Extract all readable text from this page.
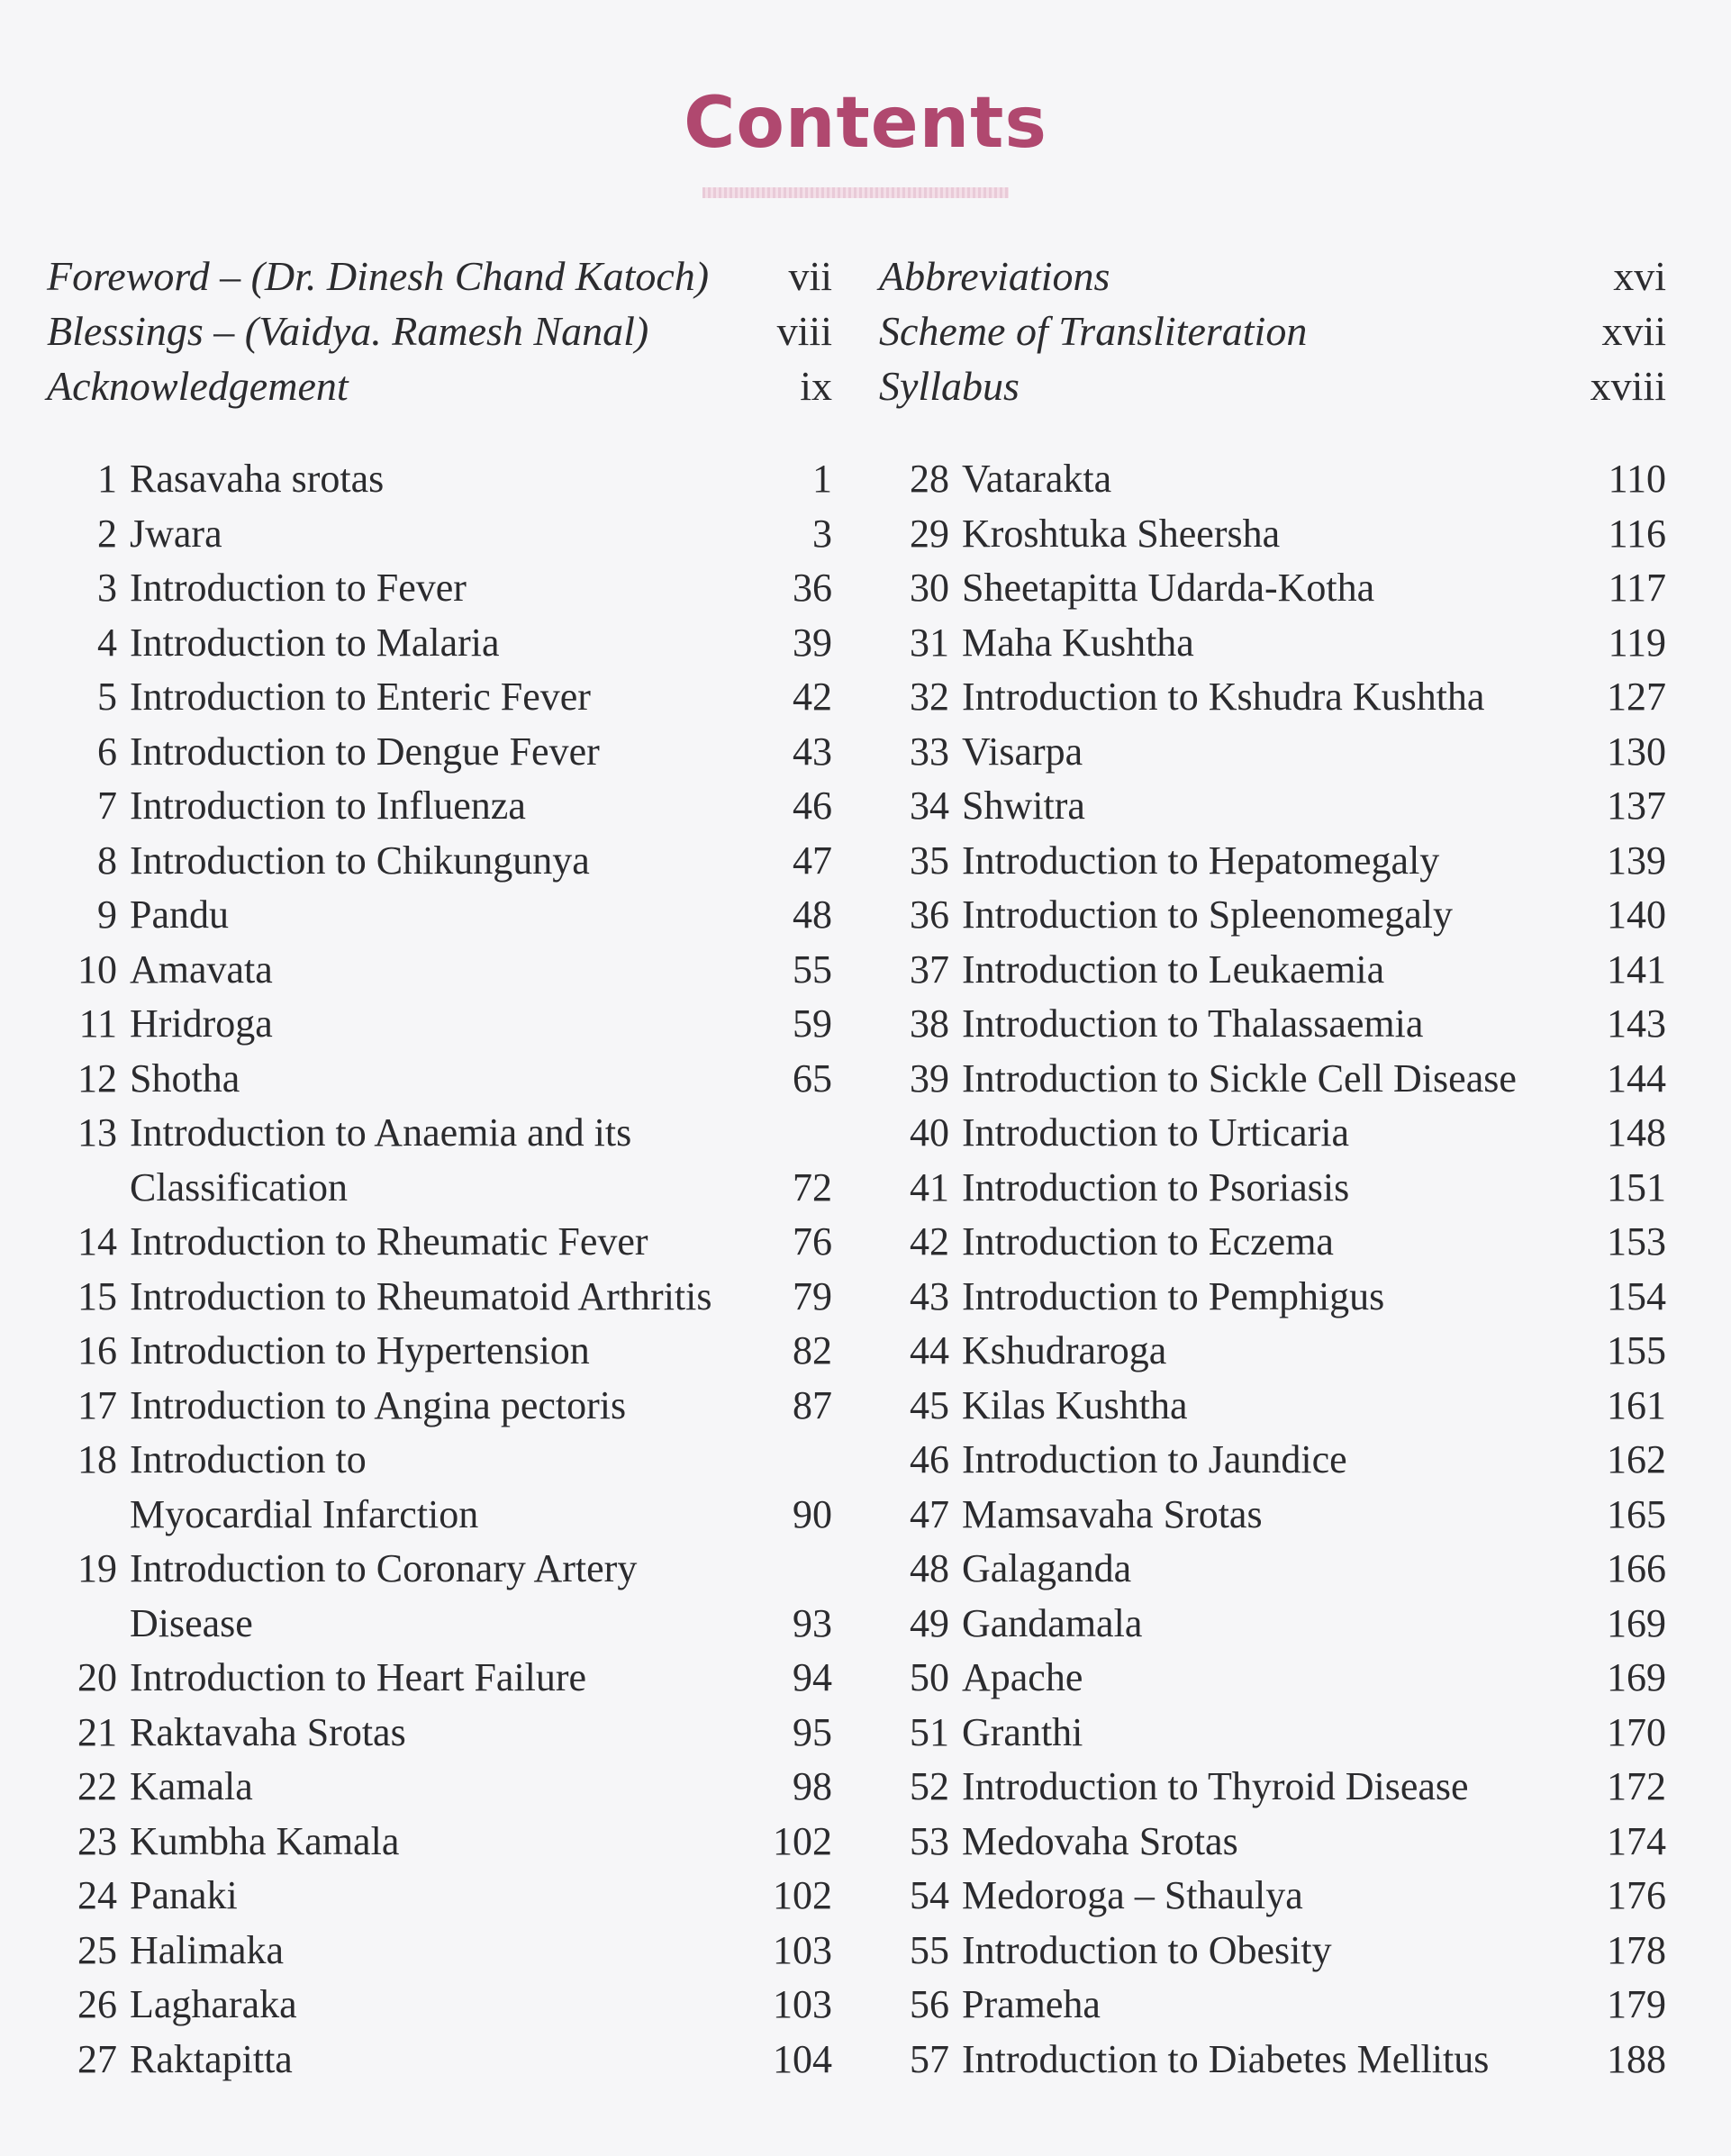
Contents
Foreword – (Dr. Dinesh Chand Katoch) vii
Blessings – (Vaidya. Ramesh Nanal)	viii
Acknowledgement	ix
1 Rasavaha srotas	1
2 Jwara	3
3 Introduction to Fever	36
4 Introduction to Malaria	39
5 Introduction to Enteric Fever	42
6 Introduction to Dengue Fever	43
7 Introduction to Influenza	46
8 Introduction to Chikungunya	47
9 Pandu	48
10 Amavata	55
11 Hridroga	59
12 Shotha	65
13 Introduction to Anaemia and its
Classification	72
14 Introduction to Rheumatic Fever	76
15 Introduction to Rheumatoid Arthritis	79
16 Introduction to Hypertension	82
17 Introduction to Angina pectoris	87
18 Introduction to
Myocardial Infarction	90
19 Introduction to Coronary Artery
Disease	93
20 Introduction to Heart Failure	94
21 Raktavaha Srotas	95
22 Kamala	98
23 Kumbha Kamala	102
24 Panaki	102
25 Halimaka	103
26 Lagharaka	103
27 Raktapitta	104
Abbreviations	xvi
Scheme of Transliteration	xvii
Syllabus	xviii
28 Vatarakta	110
29 Kroshtuka Sheersha	116
30 Sheetapitta Udarda-Kotha	117
31 Maha Kushtha	119
32 Introduction to Kshudra Kushtha	127
33 Visarpa	130
34 Shwitra	137
35 Introduction to Hepatomegaly	139
36 Introduction to Spleenomegaly	140
37 Introduction to Leukaemia	141
38 Introduction to Thalassaemia	143
39 Introduction to Sickle Cell Disease	144
40 Introduction to Urticaria	148
41 Introduction to Psoriasis	151
42 Introduction to Eczema	153
43 Introduction to Pemphigus	154
44 Kshudraroga	155
45 Kilas Kushtha	161
46 Introduction to Jaundice	162
47 Mamsavaha Srotas	165
48 Galaganda	166
49 Gandamala	169
50 Apache	169
51 Granthi	170
52 Introduction to Thyroid Disease	172
53 Medovaha Srotas	174
54 Medoroga – Sthaulya	176
55 Introduction to Obesity	178
56 Prameha	179
57 Introduction to Diabetes Mellitus	188
